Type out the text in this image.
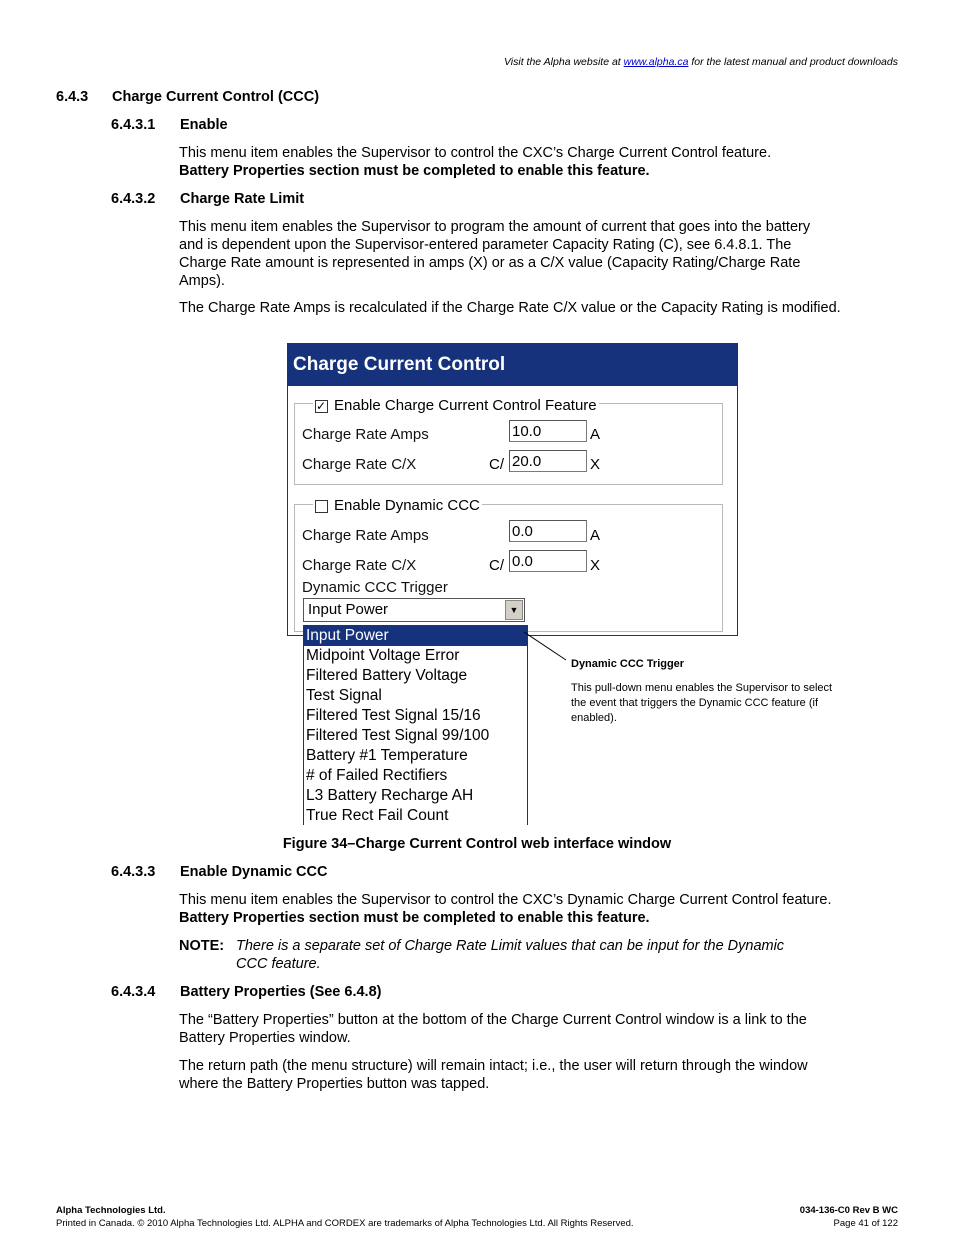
Visit the Alpha website at www.alpha.ca for the latest manual and product downloads
6.4.3 Charge Current Control (CCC)
6.4.3.1 Enable
This menu item enables the Supervisor to control the CXC’s Charge Current Control feature.
Battery Properties section must be completed to enable this feature.
6.4.3.2 Charge Rate Limit
This menu item enables the Supervisor to program the amount of current that goes into the battery and is dependent upon the Supervisor-entered parameter Capacity Rating (C), see 6.4.8.1. The Charge Rate amount is represented in amps (X) or as a C/X value (Capacity Rating/Charge Rate Amps).
The Charge Rate Amps is recalculated if the Charge Rate C/X value or the Capacity Rating is modified.
Charge Current Control
✓
Enable Charge Current Control Feature
Charge Rate Amps	10.0	A
Charge Rate C/X	C/ 20.0	X
Enable Dynamic CCC
Charge Rate Amps	0.0	A
Charge Rate C/X	C/ 0.0	X
Dynamic CCC Trigger
Input Power	▼
Input Power
Midpoint Voltage Error
Filtered Battery Voltage
Test Signal
Filtered Test Signal 15/16
Filtered Test Signal 99/100
Battery #1 Temperature
# of Failed Rectifiers
L3 Battery Recharge AH
True Rect Fail Count
Dynamic CCC Trigger
This pull-down menu enables the Supervisor to select the event that triggers the Dynamic CCC feature (if enabled).
Figure 34–Charge Current Control web interface window
6.4.3.3 Enable Dynamic CCC
This menu item enables the Supervisor to control the CXC’s Dynamic Charge Current Control feature. Battery Properties section must be completed to enable this feature.
NOTE: There is a separate set of Charge Rate Limit values that can be input for the Dynamic CCC feature.
6.4.3.4 Battery Properties (See 6.4.8)
The “Battery Properties” button at the bottom of the Charge Current Control window is a link to the Battery Properties window.
The return path (the menu structure) will remain intact; i.e., the user will return through the window where the Battery Properties button was tapped.
Alpha Technologies Ltd.
Printed in Canada. © 2010 Alpha Technologies Ltd. ALPHA and CORDEX are trademarks of Alpha Technologies Ltd. All Rights Reserved.
034-136-C0 Rev B WC
Page 41 of 122
